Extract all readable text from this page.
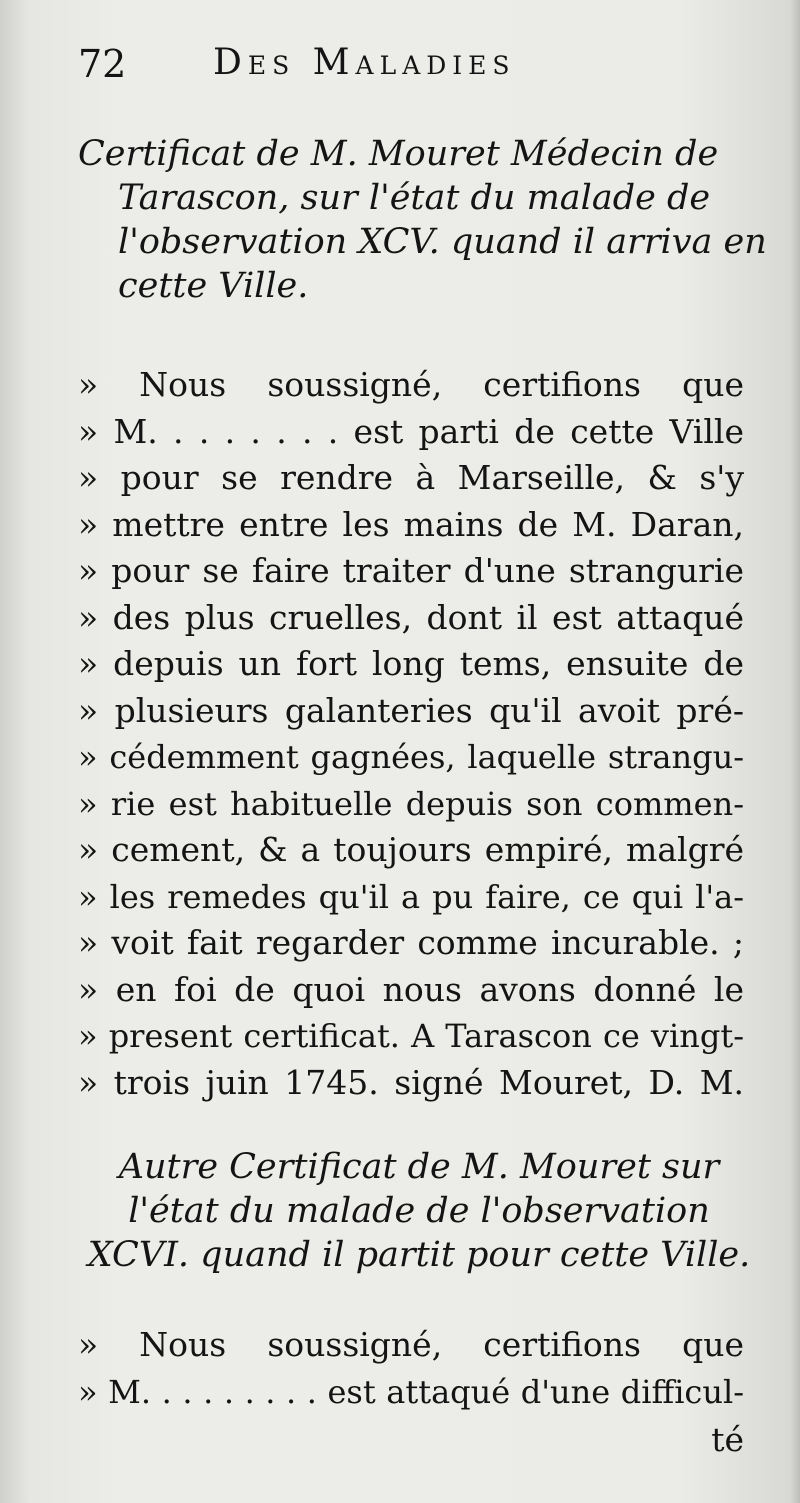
72 Des Maladies
Certificat de M. Mouret Médecin de Tarascon, sur l'état du malade de l'observation XCV. quand il arriva en cette Ville.
» Nous soussigné, certifions que
» M. . . . . . . . est parti de cette Ville
» pour se rendre à Marseille, & s'y
» mettre entre les mains de M. Daran,
» pour se faire traiter d'une strangurie
» des plus cruelles, dont il est attaqué
» depuis un fort long tems, ensuite de
» plusieurs galanteries qu'il avoit pré-
» cédemment gagnées, laquelle strangu-
» rie est habituelle depuis son commen-
» cement, & a toujours empiré, malgré
» les remedes qu'il a pu faire, ce qui l'a-
» voit fait regarder comme incurable. ;
» en foi de quoi nous avons donné le
» present certificat. A Tarascon ce vingt-
» trois juin 1745. signé Mouret, D. M.
Autre Certificat de M. Mouret sur l'état du malade de l'observation XCVI. quand il partit pour cette Ville.
» Nous soussigné, certifions que
» M. . . . . . . . . est attaqué d'une difficul-
té
